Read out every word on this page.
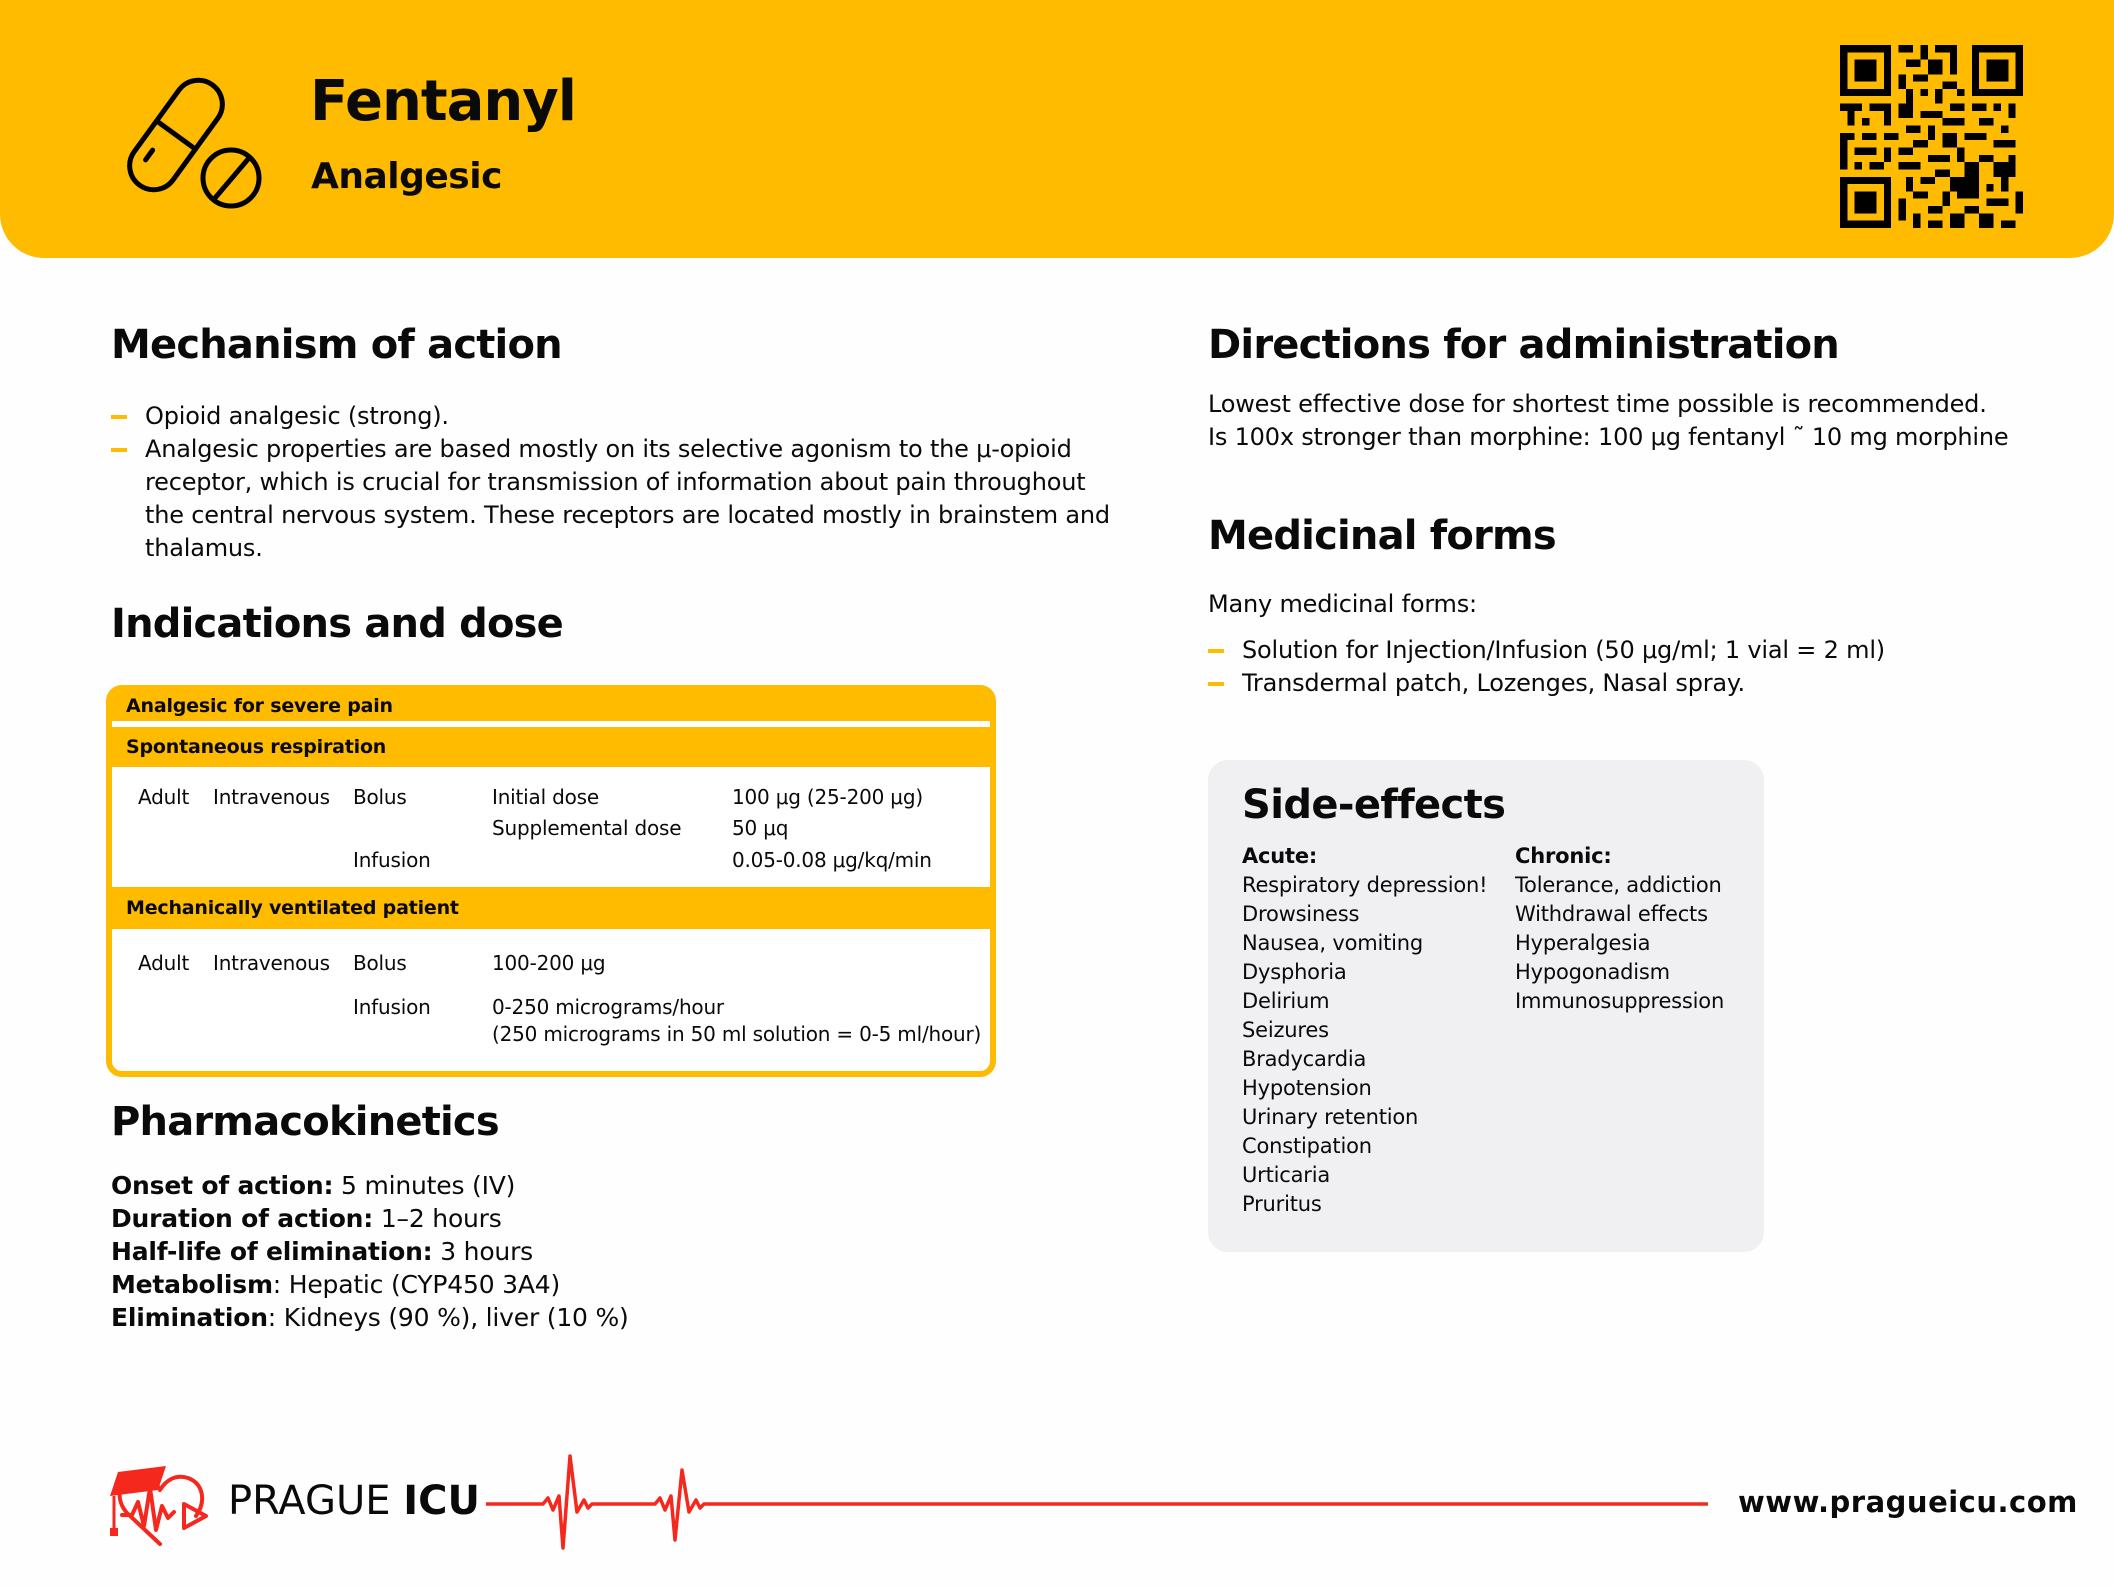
Fentanyl
Analgesic
Mechanism of action
Opioid analgesic (strong).
Analgesic properties are based mostly on its selective agonism to the μ-opioid receptor, which is crucial for transmission of information about pain throughout the central nervous system. These receptors are located mostly in brainstem and thalamus.
Indications and dose
Analgesic for severe pain
Spontaneous respiration
Adult Intravenous Bolus	Initial dose	100 μg (25-200 μg)
Supplemental dose	50 μq
Infusion	0.05-0.08 μg/kq/min
Mechanically ventilated patient
Adult Intravenous Bolus	100-200 μg
Infusion	0-250 micrograms/hour
(250 micrograms in 50 ml solution = 0-5 ml/hour)
Pharmacokinetics
Onset of action: 5 minutes (IV)
Duration of action: 1–2 hours
Half-life of elimination: 3 hours
Metabolism: Hepatic (CYP450 3A4)
Elimination: Kidneys (90 %), liver (10 %)
Directions for administration
Lowest effective dose for shortest time possible is recommended.
Is 100x stronger than morphine: 100 μg fentanyl ˜ 10 mg morphine
Medicinal forms
Many medicinal forms:
Solution for Injection/Infusion (50 μg/ml; 1 vial = 2 ml)
Transdermal patch, Lozenges, Nasal spray.
Side-effects
Acute:
Respiratory depression!
Drowsiness
Nausea, vomiting
Dysphoria
Delirium
Seizures
Bradycardia
Hypotension
Urinary retention
Constipation
Urticaria
Pruritus
Chronic:
Tolerance, addiction
Withdrawal effects
Hyperalgesia
Hypogonadism
Immunosuppression
PRAGUE ICU	www.pragueicu.com
